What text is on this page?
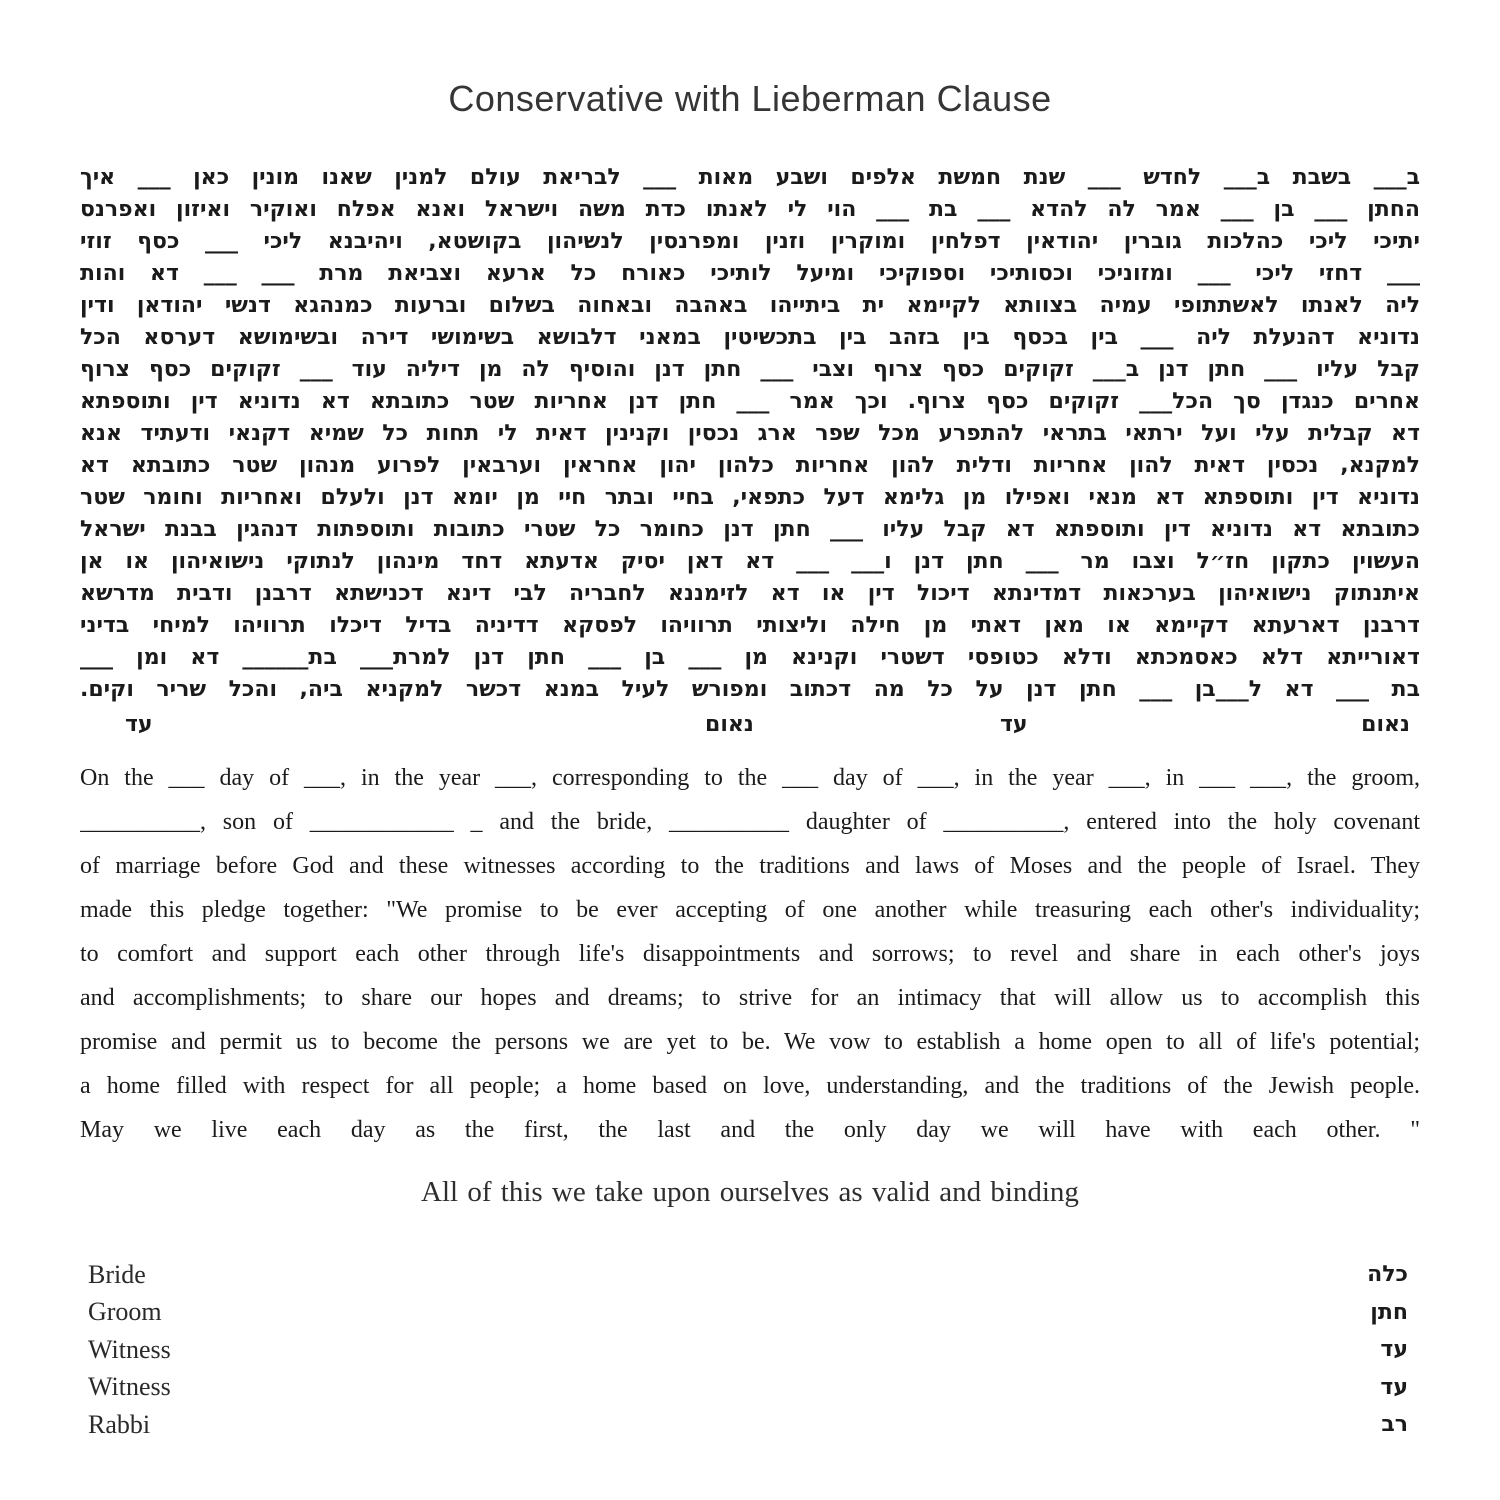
Conservative with Lieberman Clause
ב___ בשבת ב___ לחדש ___ שנת חמשת אלפים ושבע מאות ___ לבריאת עולם למנין שאנו מונין כאן ___ איך
החתן ___ בן ___ אמר לה להדא ___ בת ___ הוי לי לאנתו כדת משה וישראל ואנא אפלח ואוקיר ואיזון ואפרנס
יתיכי ליכי כהלכות גוברין יהודאין דפלחין ומוקרין וזנין ומפרנסין לנשיהון בקושטא, ויהיבנא ליכי ___ כסף זוזי
___ דחזי ליכי ___ ומזוניכי וכסותיכי וספוקיכי ומיעל לותיכי כאורח כל ארעא וצביאת מרת ___ ___ דא והות
ליה לאנתו לאשתתופי עמיה בצוותא לקיימא ית ביתייהו באהבה ובאחוה בשלום וברעות כמנהגא דנשי יהודאן ודין
נדוניא דהנעלת ליה ___ בין בכסף בין בזהב בין בתכשיטין במאני דלבושא בשימושי דירה ובשימושא דערסא הכל
קבל עליו ___ חתן דנן ב___ זקוקים כסף צרוף וצבי ___ חתן דנן והוסיף לה מן דיליה עוד ___ זקוקים כסף צרוף
אחרים כנגדן סך הכל___ זקוקים כסף צרוף. וכך אמר ___ חתן דנן אחריות שטר כתובתא דא נדוניא דין ותוספתא
דא קבלית עלי ועל ירתאי בתראי להתפרע מכל שפר ארג נכסין וקנינין דאית לי תחות כל שמיא דקנאי ודעתיד אנא
למקנא, נכסין דאית להון אחריות ודלית להון אחריות כלהון יהון אחראין וערבאין לפרוע מנהון שטר כתובתא דא
נדוניא דין ותוספתא דא מנאי ואפילו מן גלימא דעל כתפאי, בחיי ובתר חיי מן יומא דנן ולעלם ואחריות וחומר שטר
כתובתא דא נדוניא דין ותוספתא דא קבל עליו ___ חתן דנן כחומר כל שטרי כתובות ותוספתות דנהגין בבנת ישראל
העשוין כתקון חז״ל וצבו מר ___ חתן דנן ו___ ___ דא דאן יסיק אדעתא דחד מינהון לנתוקי נישואיהון או אן
איתנתוק נישואיהון בערכאות דמדינתא דיכול דין או דא לזימננא לחבריה לבי דינא דכנישתא דרבנן ודבית מדרשא
דרבנן דארעתא דקיימא או מאן דאתי מן חילה וליצותי תרוויהו לפסקא דדיניה בדיל דיכלו תרוויהו למיחי בדיני
דאורייתא דלא כאסמכתא ודלא כטופסי דשטרי וקנינא מן ___ בן ___ חתן דנן למרת___ בת______ דא ומן ___
בת ___ דא ל___בן ___ חתן דנן על כל מה דכתוב ומפורש לעיל במנא דכשר למקניא ביה, והכל שריר וקים.
נאום
עד
נאום
עד
On the ___ day of ___, in the year ___, corresponding to the ___ day of ___, in the year ___, in ___ ___, the groom,
__________, son of ____________ _ and the bride, __________ daughter of __________, entered into the holy covenant
of marriage before God and these witnesses according to the traditions and laws of Moses and the people of Israel. They
made this pledge together: "We promise to be ever accepting of one another while treasuring each other's individuality;
to comfort and support each other through life's disappointments and sorrows; to revel and share in each other's joys
and accomplishments; to share our hopes and dreams; to strive for an intimacy that will allow us to accomplish this
promise and permit us to become the persons we are yet to be. We vow to establish a home open to all of life's potential;
a home filled with respect for all people; a home based on love, understanding, and the traditions of the Jewish people.
May we live each day as the first, the last and the only day we will have with each other. "
All of this we take upon ourselves as valid and binding
Bride	כלה
Groom	חתן
Witness	עד
Witness	עד
Rabbi	רב
